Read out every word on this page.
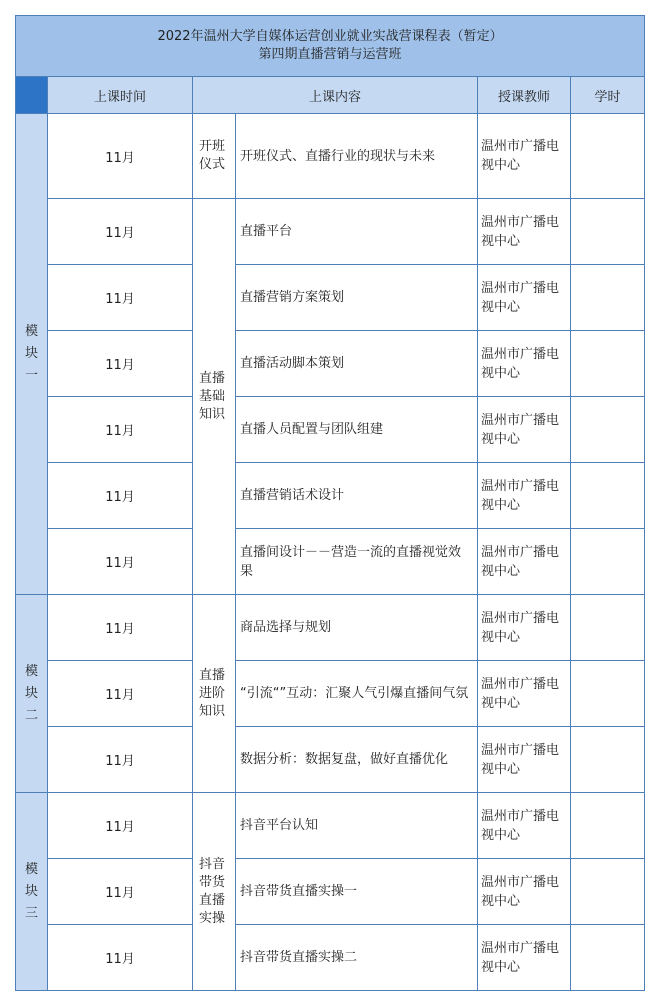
2022年温州大学自媒体运营创业就业实战营课程表（暂定）
第四期直播营销与运营班					

	上课时间	上课内容		授课教师	学时
模块一	11月	开班仪式	开班仪式、直播行业的现状与未来	温州市广播电视中心	

	11月	直播基础知识	直播平台	温州市广播电视中心	

	11月		直播营销方案策划	温州市广播电视中心	

	11月		直播活动脚本策划	温州市广播电视中心	

	11月		直播人员配置与团队组建	温州市广播电视中心	

	11月		直播营销话术设计	温州市广播电视中心	

	11月		直播间设计－－营造一流的直播视觉效果	温州市广播电视中心	

模块二	11月	直播进阶知识	商品选择与规划	温州市广播电视中心	

	11月		“引流“”互动：汇聚人气引爆直播间气氛	温州市广播电视中心	

	11月		数据分析：数据复盘，做好直播优化	温州市广播电视中心	

模块三	11月	抖音带货直播实操	抖音平台认知	温州市广播电视中心	

	11月		抖音带货直播实操一	温州市广播电视中心	

	11月		抖音带货直播实操二	温州市广播电视中心	
